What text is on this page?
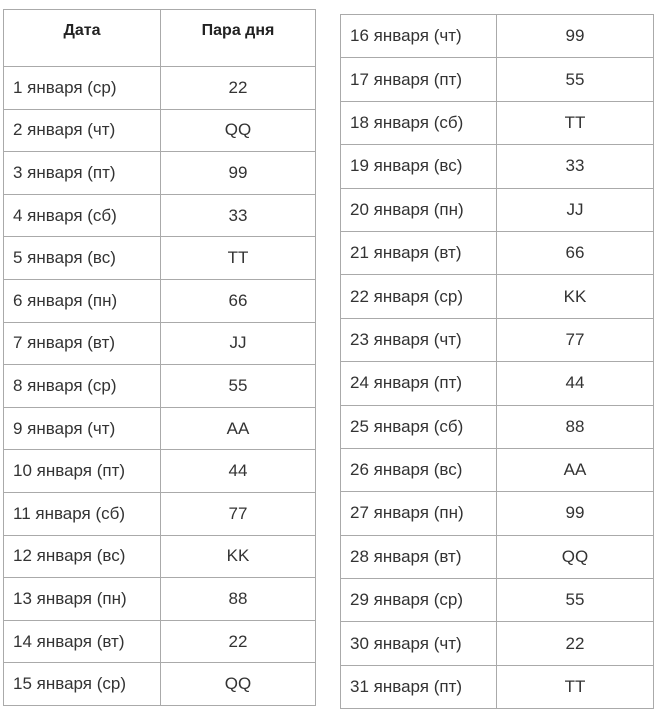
Дата	Пара дня
1 января (ср)	22
2 января (чт)	QQ
3 января (пт)	99
4 января (сб)	33
5 января (вс)	TT
6 января (пн)	66
7 января (вт)	JJ
8 января (ср)	55
9 января (чт)	AA
10 января (пт)	44
11 января (сб)	77
12 января (вс)	KK
13 января (пн)	88
14 января (вт)	22
15 января (ср)	QQ
16 января (чт)	99
17 января (пт)	55
18 января (сб)	TT
19 января (вс)	33
20 января (пн)	JJ
21 января (вт)	66
22 января (ср)	KK
23 января (чт)	77
24 января (пт)	44
25 января (сб)	88
26 января (вс)	AA
27 января (пн)	99
28 января (вт)	QQ
29 января (ср)	55
30 января (чт)	22
31 января (пт)	TT
